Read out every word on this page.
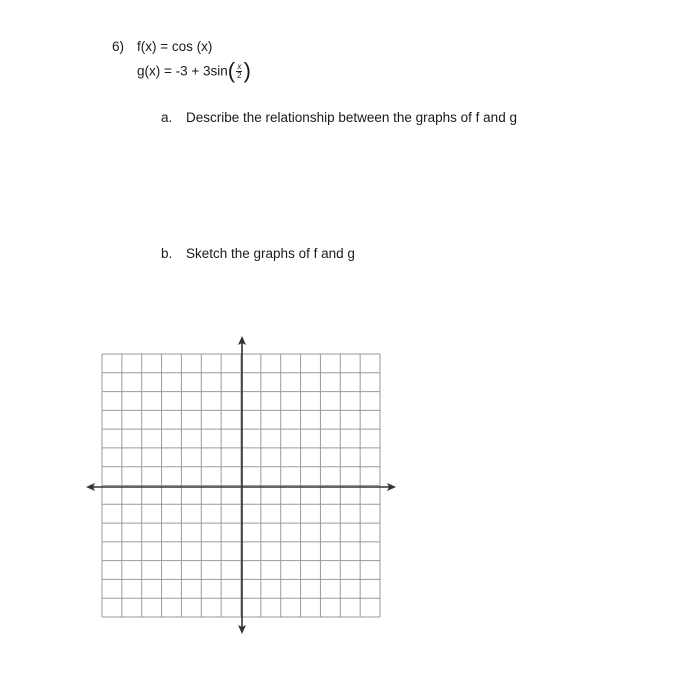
6) f(x) = cos (x)
$g(x) = -3 + 3\sin( \frac{x}{2}$ )
a. Describe the relationship between the graphs of f and g
b. Sketch the graphs of f and g
